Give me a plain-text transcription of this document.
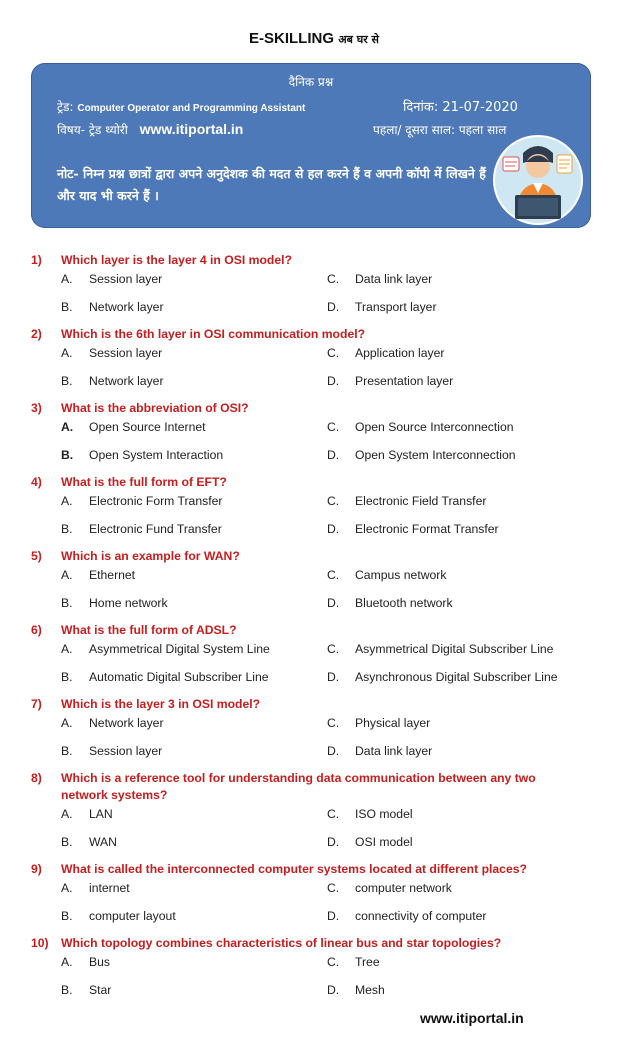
E-SKILLING अब घर से
दैनिक प्रश्न
ट्रेड: Computer Operator and Programming Assistant	दिनांक: 21-07-2020
विषय- ट्रेड थ्योरी www.itiportal.in	पहला/ दूसरा साल: पहला साल
नोट- निम्न प्रश्न छात्रों द्वारा अपने अनुदेशक की मदत से हल करने हैं व अपनी कॉपी में लिखने हैं और याद भी करने हैं ।
1) Which layer is the layer 4 in OSI model?
A.	Session layer
B.	Network layer
C.	Data link layer
D.	Transport layer
2) Which is the 6th layer in OSI communication model?
A.	Session layer
B.	Network layer
C.	Application layer
D.	Presentation layer
3) What is the abbreviation of OSI?
A.	Open Source Internet
B.	Open System Interaction
C.	Open Source Interconnection
D.	Open System Interconnection
4) What is the full form of EFT?
A.	Electronic Form Transfer
B.	Electronic Fund Transfer
C.	Electronic Field Transfer
D.	Electronic Format Transfer
5) Which is an example for WAN?
A.	Ethernet
B.	Home network
C.	Campus network
D.	Bluetooth network
6) What is the full form of ADSL?
A.	Asymmetrical Digital System Line
B.	Automatic Digital Subscriber Line
C.	Asymmetrical Digital Subscriber Line
D.	Asynchronous Digital Subscriber Line
7) Which is the layer 3 in OSI model?
A.	Network layer
B.	Session layer
C.	Physical layer
D.	Data link layer
8) Which is a reference tool for understanding data communication between any two network systems?
A.	LAN
B.	WAN
C.	ISO model
D.	OSI model
9) What is called the interconnected computer systems located at different places?
A.	internet
B.	computer layout
C.	computer network
D.	connectivity of computer
10) Which topology combines characteristics of linear bus and star topologies?
A.	Bus
B.	Star
C.	Tree
D.	Mesh
www.itiportal.in
